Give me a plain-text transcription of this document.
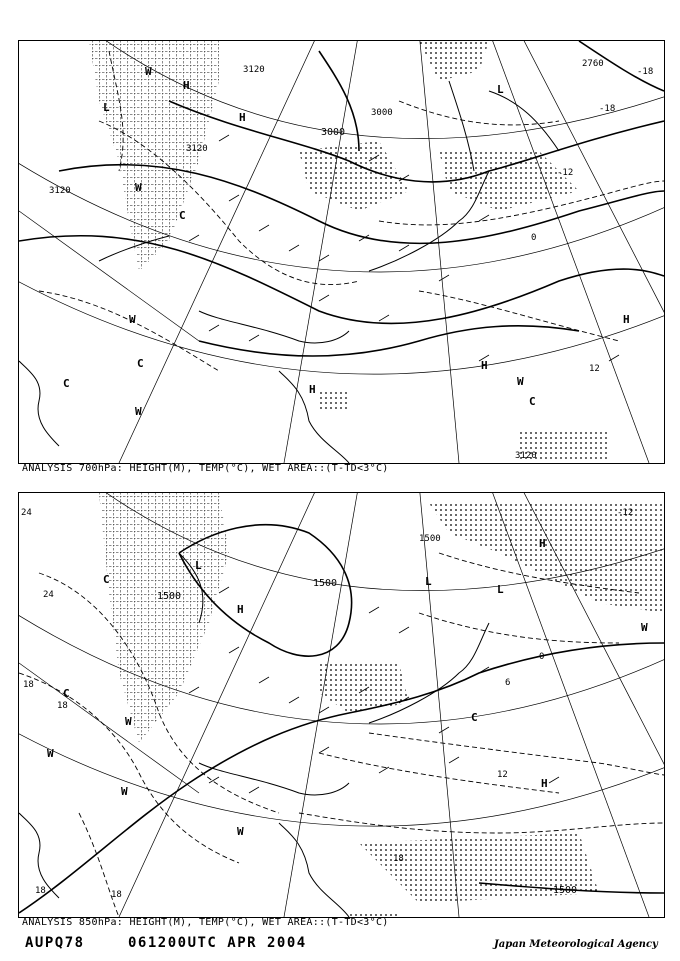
3120
3120
3120
3120
3000
3000
2760
-18
-18
-12
0
12
H
H
L
L
C
C
C
W
W
W
W
H
H
C
H
W
ANALYSIS 700hPa: HEIGHT(M), TEMP(°C), WET AREA::(T-TD<3°C)
1500
1500
1500
1500
24
24
18
18
18
18
18
12
6
0
-12
C
L
H
L
C
W
W
W
W
C
H
L
H
W
ANALYSIS 850hPa: HEIGHT(M), TEMP(°C), WET AREA::(T-TD<3°C)
AUPQ78	061200UTC APR 2004	Japan Meteorological Agency
